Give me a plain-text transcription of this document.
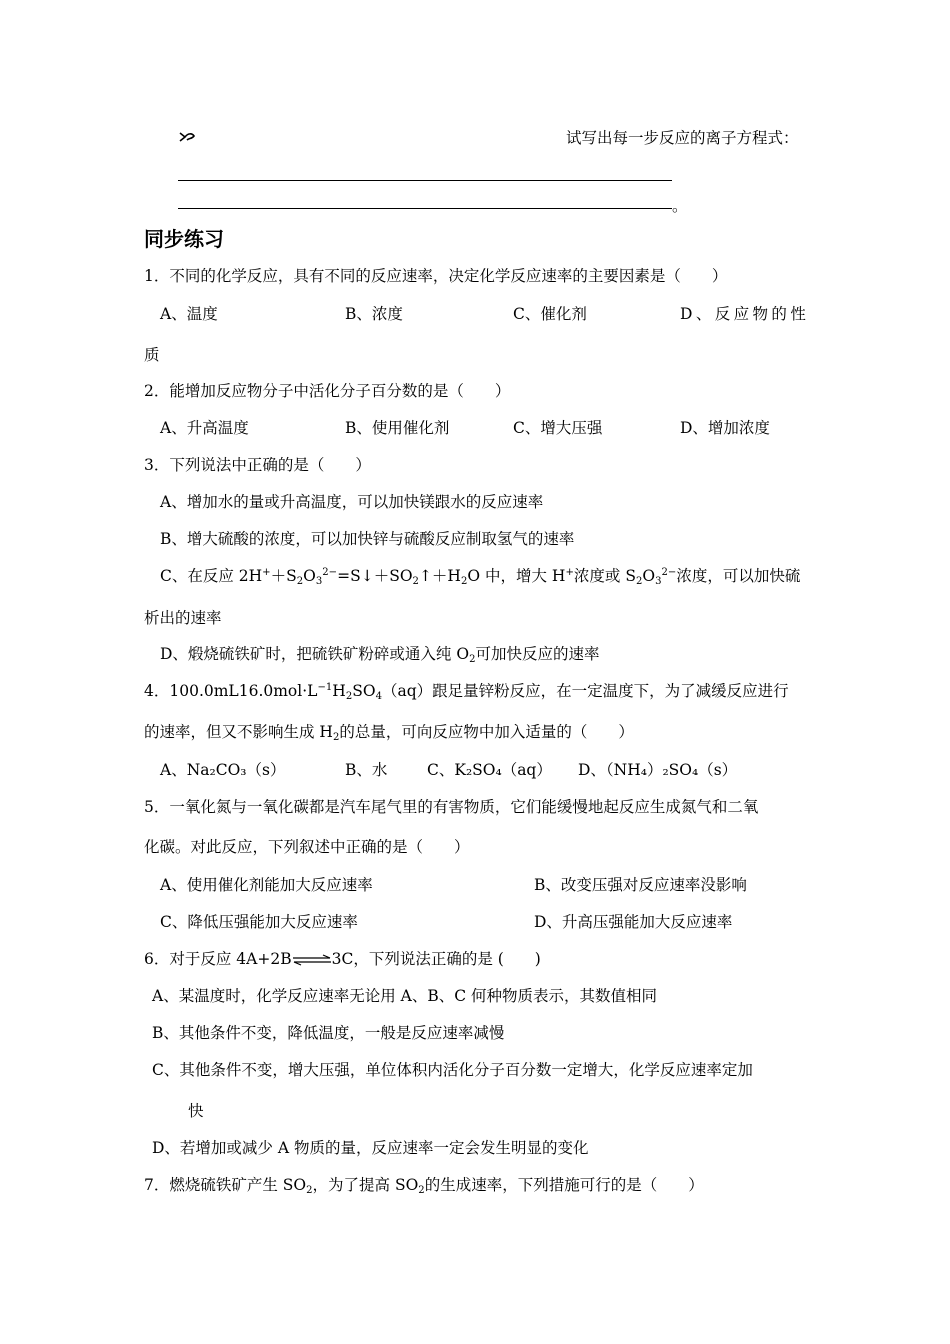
试写出每一步反应的离子方程式：
。
同步练习
1．不同的化学反应，具有不同的反应速率，决定化学反应速率的主要因素是（　　）
A、温度	B、浓度	C、催化剂	D、反应物的性
质
2．能增加反应物分子中活化分子百分数的是（　　）
A、升高温度	B、使用催化剂	C、增大压强	D、增加浓度
3．下列说法中正确的是（　　）
A、增加水的量或升高温度，可以加快镁跟水的反应速率
B、增大硫酸的浓度，可以加快锌与硫酸反应制取氢气的速率
C、在反应 $2H^++S_2O_3^{2-}=S↓+SO_2↑+H_2O$ 中，增大 H+浓度或 $S_2O_3^{2-}$浓度，可以加快硫
析出的速率
D、煅烧硫铁矿时，把硫铁矿粉碎或通入纯 $O_2$可加快反应的速率
4．$100.0mL16.0mol\cdot L^{-1}H_2SO_4(aq)$跟足量锌粉反应，在一定温度下，为了减缓反应进行
的速率，但又不影响生成 $H_2$的总量，可向反应物中加入适量的（　　）
A、Na₂CO₃（s）	B、水	C、K₂SO₄（aq） D、（NH₄）₂SO₄（s）
5．一氧化氮与一氧化碳都是汽车尾气里的有害物质，它们能缓慢地起反应生成氮气和二氧
化碳。对此反应，下列叙述中正确的是（　　）
A、使用催化剂能加大反应速率	B、改变压强对反应速率没影响
C、降低压强能加大反应速率	D、升高压强能加大反应速率
6．对于反应 4A+2B⇌3C，下列说法正确的是 (　　)
A、某温度时，化学反应速率无论用 A、B、C 何种物质表示，其数值相同
B、其他条件不变，降低温度，一般是反应速率减慢
C、其他条件不变，增大压强，单位体积内活化分子百分数一定增大，化学反应速率定加
快
D、若增加或减少 A 物质的量，反应速率一定会发生明显的变化
7．燃烧硫铁矿产生 $SO_2$，为了提高 $SO_2$的生成速率，下列措施可行的是（　　）
